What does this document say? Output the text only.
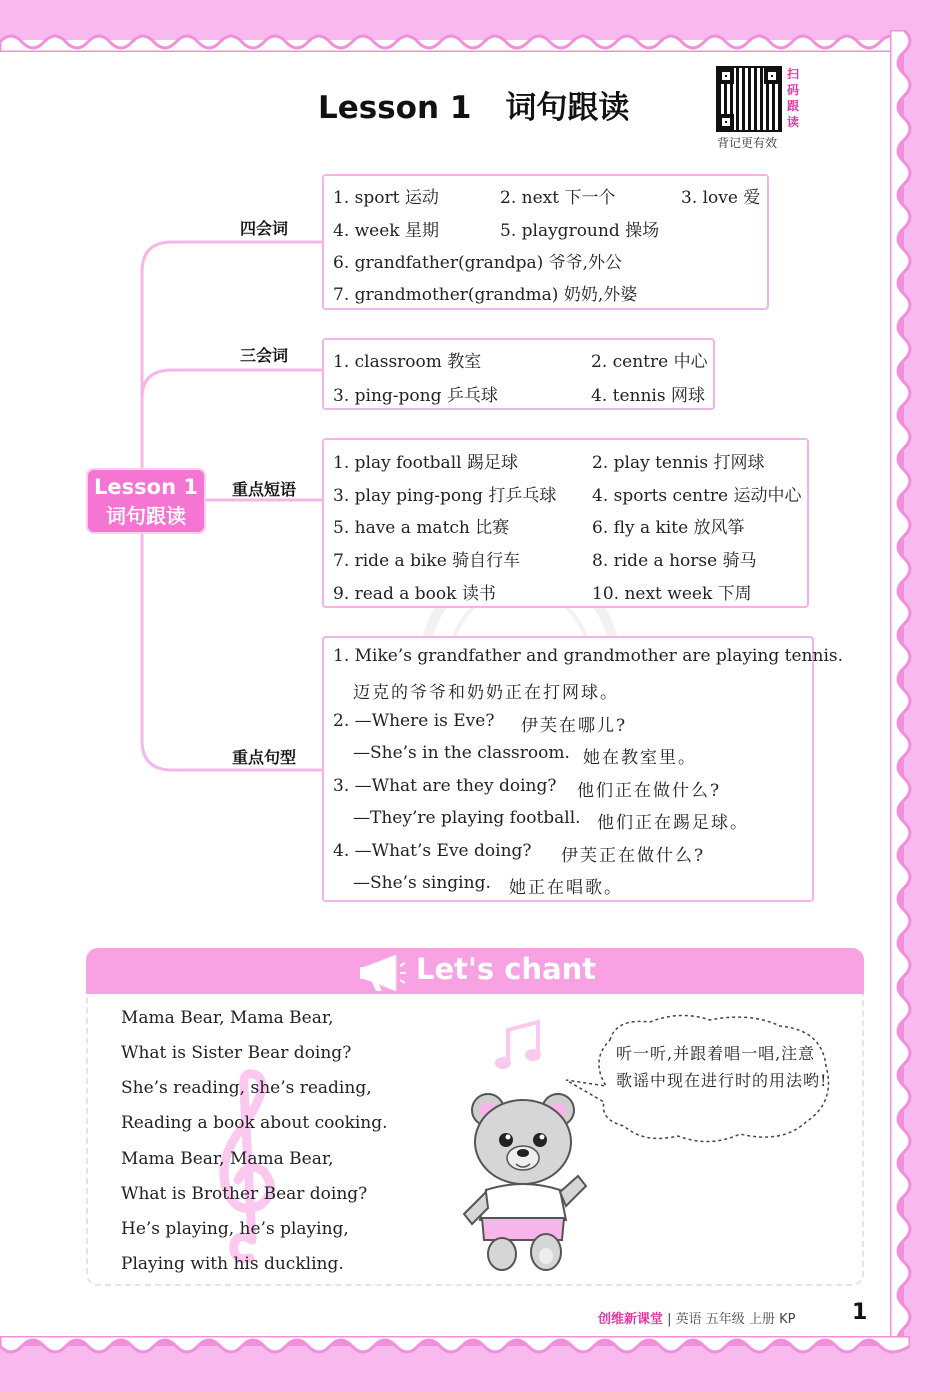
Lesson 1 词句跟读
扫
码
跟
读
背记更有效
Lesson 1
词句跟读
四会词
1. sport 运动	2. next 下一个	3. love 爱
4. week 星期	5. playground 操场
6. grandfather(grandpa) 爷爷,外公
7. grandmother(grandma) 奶奶,外婆
三会词	1. classroom 教室	2. centre 中心
3. ping-pong 乒乓球	4. tennis 网球
重点短语
1. play football 踢足球	2. play tennis 打网球
3. play ping-pong 打乒乓球 4. sports centre 运动中心
5. have a match 比赛	6. fly a kite 放风筝
7. ride a bike 骑自行车	8. ride a horse 骑马
9. read a book 读书	10. next week 下周
重点句型
1. Mike’s grandfather and grandmother are playing tennis.
迈克的爷爷和奶奶正在打网球。
2. —Where is Eve? 伊芙在哪儿?
—She’s in the classroom. 她在教室里。
3. —What are they doing? 他们正在做什么?
—They’re playing football. 他们正在踢足球。
4. —What’s Eve doing? 伊芙正在做什么?
—She’s singing. 她正在唱歌。
Let's chant
Mama Bear, Mama Bear,
What is Sister Bear doing?
She’s reading, she’s reading,
Reading a book about cooking.
Mama Bear, Mama Bear,
What is Brother Bear doing?
He’s playing, he’s playing,
Playing with his duckling.
听一听,并跟着唱一唱,注意歌谣中现在进行时的用法哟!
创维新课堂 | 英语 五年级 上册 KP	1
